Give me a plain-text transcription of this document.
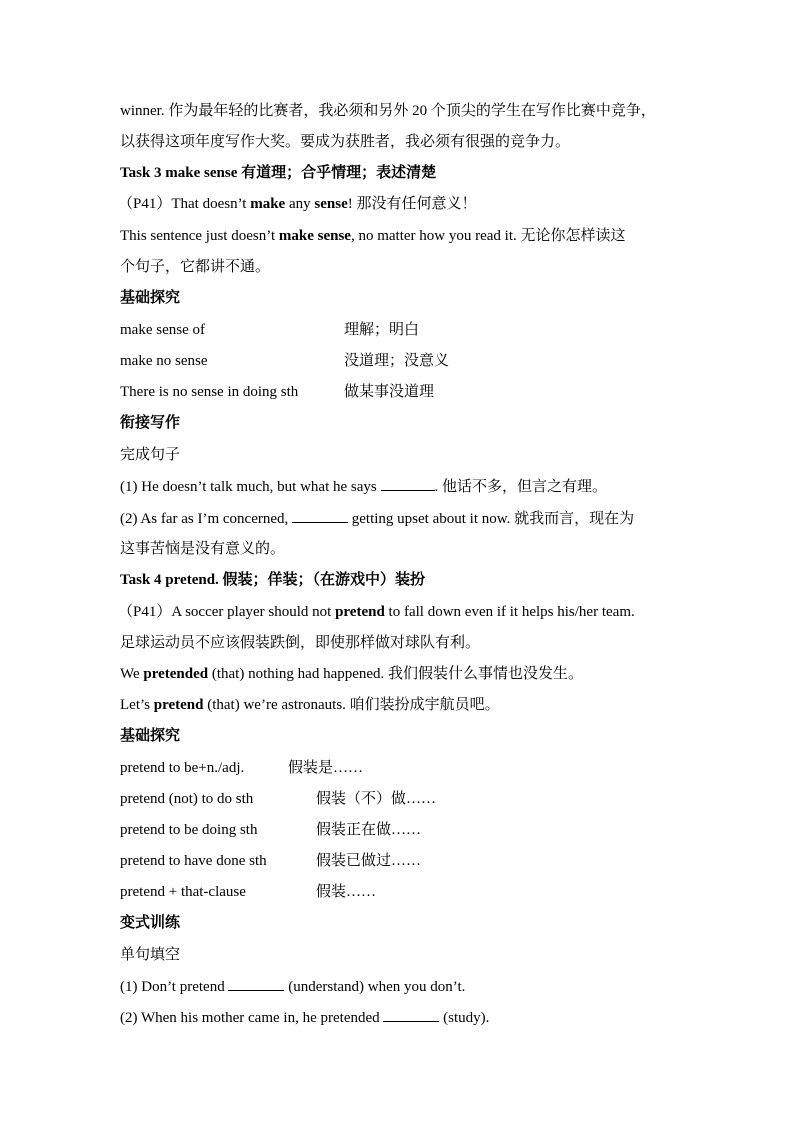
winner. 作为最年轻的比赛者，我必须和另外 20 个顶尖的学生在写作比赛中竞争，
以获得这项年度写作大奖。要成为获胜者，我必须有很强的竞争力。
Task 3 make sense 有道理；合乎情理；表述清楚
（P41）That doesn’t make any sense! 那没有任何意义！
This sentence just doesn’t make sense, no matter how you read it. 无论你怎样读这
个句子，它都讲不通。
基础探究
make sense of	理解；明白
make no sense	没道理；没意义
There is no sense in doing sth	做某事没道理
衔接写作
完成句子
(1) He doesn’t talk much, but what he says	. 他话不多，但言之有理。
(2) As far as I’m concerned,	getting upset about it now. 就我而言，现在为
这事苦恼是没有意义的。
Task 4 pretend. 假装；佯装；（在游戏中）装扮
（P41）A soccer player should not pretend to fall down even if it helps his/her team.
足球运动员不应该假装跌倒，即使那样做对球队有利。
We pretended (that) nothing had happened. 我们假装什么事情也没发生。
Let’s pretend (that) we’re astronauts. 咱们装扮成宇航员吧。
基础探究
pretend to be+n./adj.	假装是……
pretend (not) to do sth	假装（不）做……
pretend to be doing sth	假装正在做……
pretend to have done sth	假装已做过……
pretend + that-clause	假装……
变式训练
单句填空
(1) Don’t pretend	(understand) when you don’t.
(2) When his mother came in, he pretended	(study).
